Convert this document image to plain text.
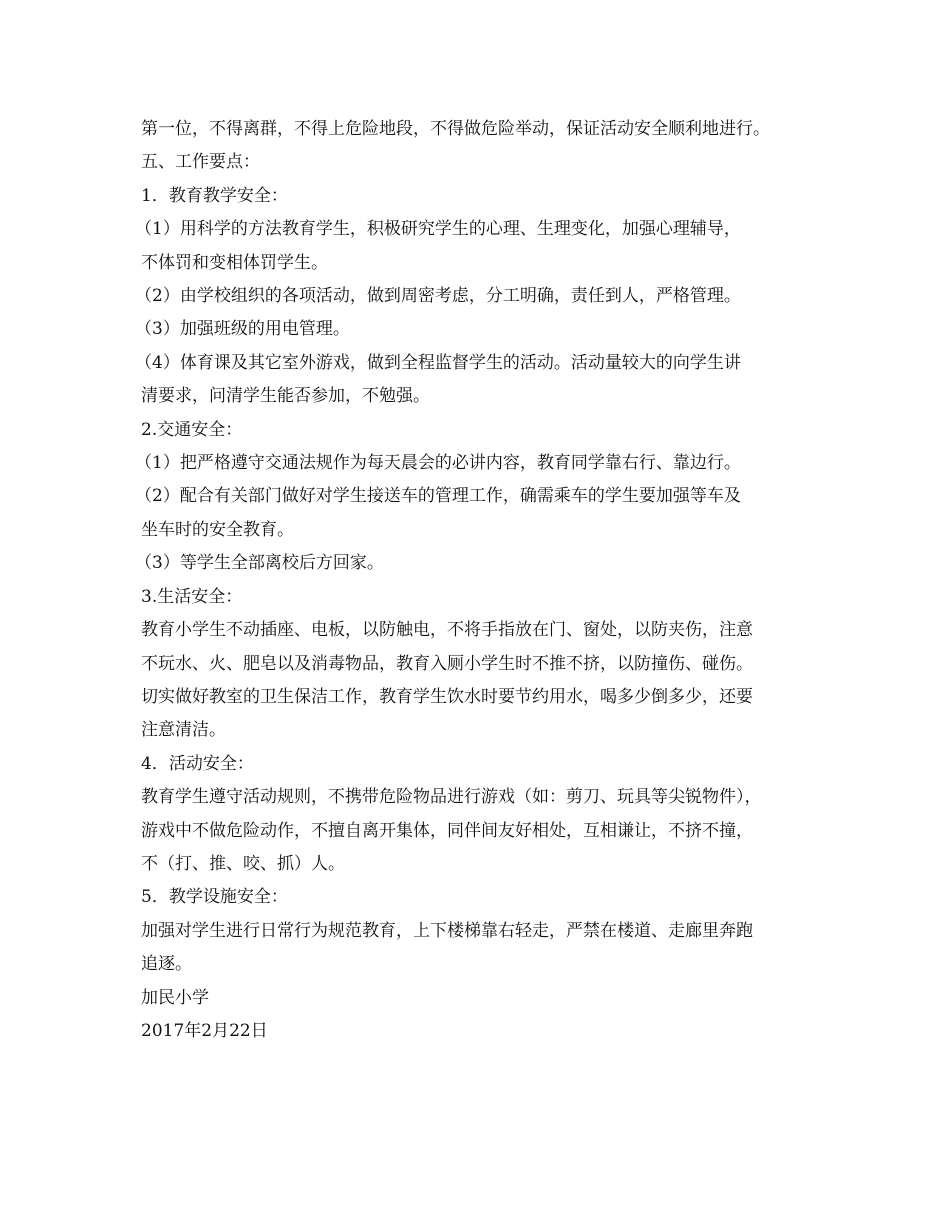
第一位，不得离群，不得上危险地段，不得做危险举动，保证活动安全顺利地进行。

五、工作要点：

1．教育教学安全：

（1）用科学的方法教育学生，积极研究学生的心理、生理变化，加强心理辅导，

不体罚和变相体罚学生。

（2）由学校组织的各项活动，做到周密考虑，分工明确，责任到人，严格管理。

（3）加强班级的用电管理。

（4）体育课及其它室外游戏，做到全程监督学生的活动。活动量较大的向学生讲

清要求，问清学生能否参加，不勉强。

2.交通安全：

（1）把严格遵守交通法规作为每天晨会的必讲内容，教育同学靠右行、靠边行。

（2）配合有关部门做好对学生接送车的管理工作，确需乘车的学生要加强等车及

坐车时的安全教育。

（3）等学生全部离校后方回家。

3.生活安全：

教育小学生不动插座、电板，以防触电，不将手指放在门、窗处，以防夹伤，注意

不玩水、火、肥皂以及消毒物品，教育入厕小学生时不推不挤，以防撞伤、碰伤。

切实做好教室的卫生保洁工作，教育学生饮水时要节约用水，喝多少倒多少，还要

注意清洁。

4．活动安全：

教育学生遵守活动规则，不携带危险物品进行游戏（如：剪刀、玩具等尖锐物件），

游戏中不做危险动作，不擅自离开集体，同伴间友好相处，互相谦让，不挤不撞，

不（打、推、咬、抓）人。

5．教学设施安全：

加强对学生进行日常行为规范教育，上下楼梯靠右轻走，严禁在楼道、走廊里奔跑

追逐。

加民小学

2017年2月22日
